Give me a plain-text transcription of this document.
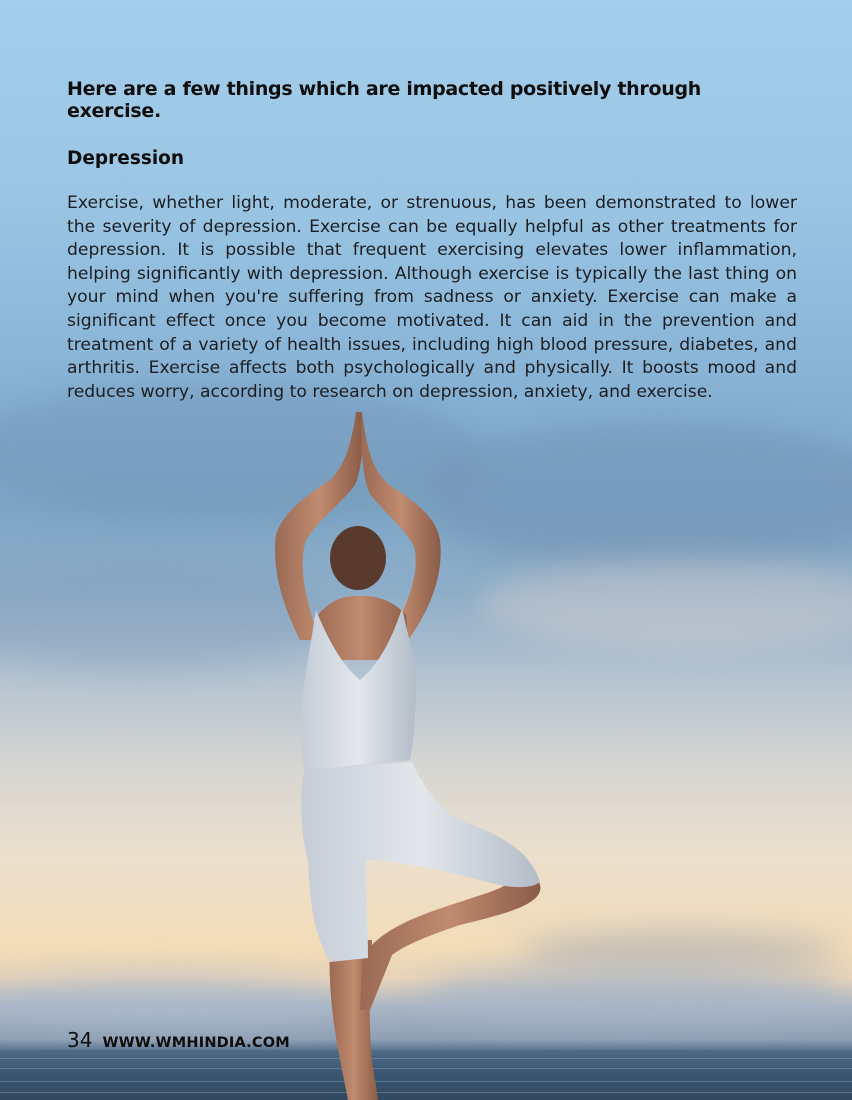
Here are a few things which are impacted positively through exercise.

Depression

Exercise, whether light, moderate, or strenuous, has been demonstrated to lower the severity of depression. Exercise can be equally helpful as other treatments for depression. It is possible that frequent exercising elevates lower inflammation, helping significantly with depression. Although exercise is typically the last thing on your mind when you're suffering from sadness or anxiety. Exercise can make a significant effect once you become motivated. It can aid in the prevention and treatment of a variety of health issues, including high blood pressure, diabetes, and arthritis. Exercise affects both psychologically and physically. It boosts mood and reduces worry, according to research on depression, anxiety, and exercise.

34 WWW.WMHINDIA.COM
